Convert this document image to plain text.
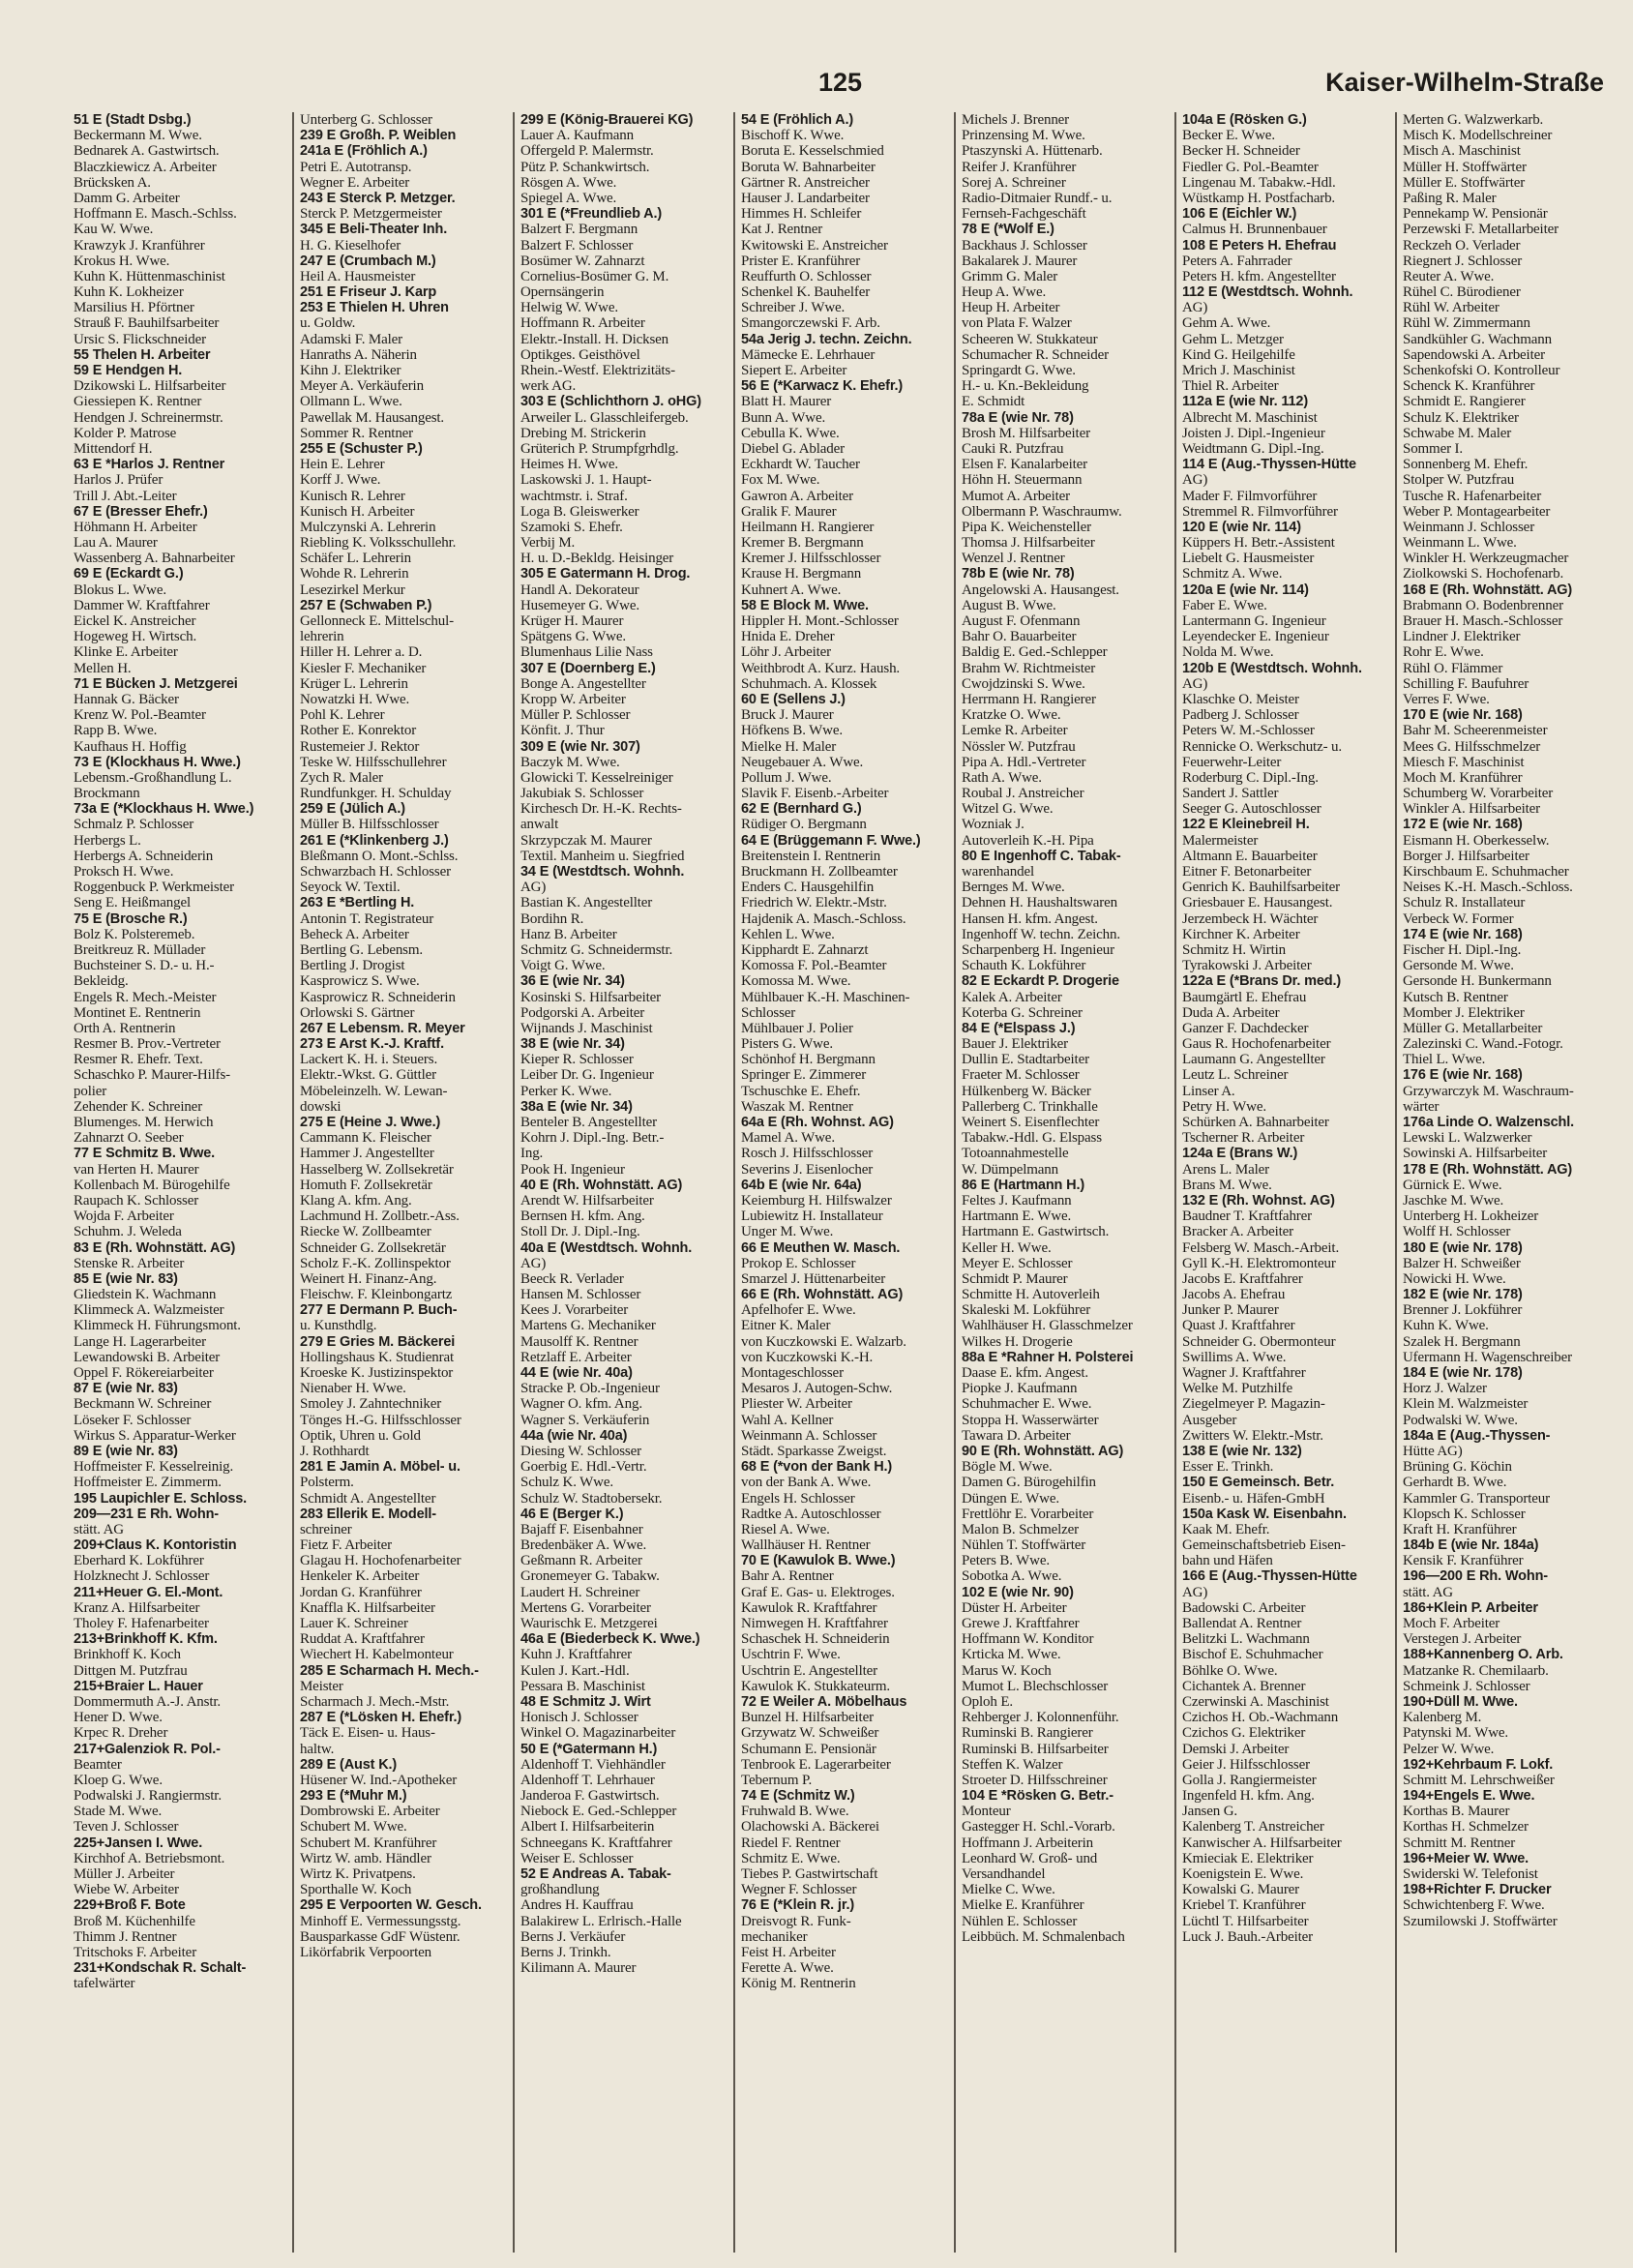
125	Kaiser-Wilhelm-Straße
51 E (Stadt Dsbg.)
Beckermann M. Wwe.
Bednarek A. Gastwirtsch.
Blaczkiewicz A. Arbeiter
Brücksken A.
Damm G. Arbeiter
Hoffmann E. Masch.-Schlss.
Kau W. Wwe.
Krawzyk J. Kranführer
Krokus H. Wwe.
Kuhn K. Hüttenmaschinist
Kuhn K. Lokheizer
Marsilius H. Pförtner
Strauß F. Bauhilfsarbeiter
Ursic S. Flickschneider
55 Thelen H. Arbeiter
59 E Hendgen H.
Dzikowski L. Hilfsarbeiter
Giessiepen K. Rentner
Hendgen J. Schreinermstr.
Kolder P. Matrose
Mittendorf H.
63 E *Harlos J. Rentner
Harlos J. Prüfer
Trill J. Abt.-Leiter
67 E (Bresser Ehefr.)
Höhmann H. Arbeiter
Lau A. Maurer
Wassenberg A. Bahnarbeiter
69 E (Eckardt G.)
Blokus L. Wwe.
Dammer W. Kraftfahrer
Eickel K. Anstreicher
Hogeweg H. Wirtsch.
Klinke E. Arbeiter
Mellen H.
71 E Bücken J. Metzgerei
Hannak G. Bäcker
Krenz W. Pol.-Beamter
Rapp B. Wwe.
Kaufhaus H. Hoffig
73 E (Klockhaus H. Wwe.)
Lebensm.-Großhandlung L.
Brockmann
73a E (*Klockhaus H. Wwe.)
Schmalz P. Schlosser
Herbergs L.
Herbergs A. Schneiderin
Proksch H. Wwe.
Roggenbuck P. Werkmeister
Seng E. Heißmangel
75 E (Brosche R.)
Bolz K. Polsteremeb.
Breitkreuz R. Müllader
Buchsteiner S. D.- u. H.-
Bekleidg.
Engels R. Mech.-Meister
Montinet E. Rentnerin
Orth A. Rentnerin
Resmer B. Prov.-Vertreter
Resmer R. Ehefr. Text.
Schaschko P. Maurer-Hilfs-
polier
Zehender K. Schreiner
Blumenges. M. Herwich
Zahnarzt O. Seeber
77 E Schmitz B. Wwe.
van Herten H. Maurer
Kollenbach M. Bürogehilfe
Raupach K. Schlosser
Wojda F. Arbeiter
Schuhm. J. Weleda
83 E (Rh. Wohnstätt. AG)
Stenske R. Arbeiter
85 E (wie Nr. 83)
Gliedstein K. Wachmann
Klimmeck A. Walzmeister
Klimmeck H. Führungsmont.
Lange H. Lagerarbeiter
Lewandowski B. Arbeiter
Oppel F. Rökereiarbeiter
87 E (wie Nr. 83)
Beckmann W. Schreiner
Löseker F. Schlosser
Wirkus S. Apparatur-Werker
89 E (wie Nr. 83)
Hoffmeister F. Kesselreinig.
Hoffmeister E. Zimmerm.
195 Laupichler E. Schloss.
209—231 E Rh. Wohn-
stätt. AG
209+Claus K. Kontoristin
Eberhard K. Lokführer
Holzknecht J. Schlosser
211+Heuer G. El.-Mont.
Kranz A. Hilfsarbeiter
Tholey F. Hafenarbeiter
213+Brinkhoff K. Kfm.
Brinkhoff K. Koch
Dittgen M. Putzfrau
215+Braier L. Hauer
Dommermuth A.-J. Anstr.
Hener D. Wwe.
Krpec R. Dreher
217+Galenziok R. Pol.-
Beamter
Kloep G. Wwe.
Podwalski J. Rangiermstr.
Stade M. Wwe.
Teven J. Schlosser
225+Jansen I. Wwe.
Kirchhof A. Betriebsmont.
Müller J. Arbeiter
Wiebe W. Arbeiter
229+Broß F. Bote
Broß M. Küchenhilfe
Thimm J. Rentner
Tritschoks F. Arbeiter
231+Kondschak R. Schalt-
tafelwärter
Unterberg G. Schlosser
239 E Großh. P. Weiblen
241a E (Fröhlich A.)
Petri E. Autotransp.
Wegner E. Arbeiter
243 E Sterck P. Metzger.
Sterck P. Metzgermeister
345 E Beli-Theater Inh.
H. G. Kieselhofer
247 E (Crumbach M.)
Heil A. Hausmeister
251 E Friseur J. Karp
253 E Thielen H. Uhren
u. Goldw.
Adamski F. Maler
Hanraths A. Näherin
Kihn J. Elektriker
Meyer A. Verkäuferin
Ollmann L. Wwe.
Pawellak M. Hausangest.
Sommer R. Rentner
255 E (Schuster P.)
Hein E. Lehrer
Korff J. Wwe.
Kunisch R. Lehrer
Kunisch H. Arbeiter
Mulczynski A. Lehrerin
Riebling K. Volksschullehr.
Schäfer L. Lehrerin
Wohde R. Lehrerin
Lesezirkel Merkur
257 E (Schwaben P.)
Gellonneck E. Mittelschul-
lehrerin
Hiller H. Lehrer a. D.
Kiesler F. Mechaniker
Krüger L. Lehrerin
Nowatzki H. Wwe.
Pohl K. Lehrer
Rother E. Konrektor
Rustemeier J. Rektor
Teske W. Hilfsschullehrer
Zych R. Maler
Rundfunkger. H. Schulday
259 E (Jülich A.)
Müller B. Hilfsschlosser
261 E (*Klinkenberg J.)
Bleßmann O. Mont.-Schlss.
Schwarzbach H. Schlosser
Seyock W. Textil.
263 E *Bertling H.
Antonin T. Registrateur
Beheck A. Arbeiter
Bertling G. Lebensm.
Bertling J. Drogist
Kasprowicz S. Wwe.
Kasprowicz R. Schneiderin
Orlowski S. Gärtner
267 E Lebensm. R. Meyer
273 E Arst K.-J. Kraftf.
Lackert K. H. i. Steuers.
Elektr.-Wkst. G. Güttler
Möbeleinzelh. W. Lewan-
dowski
275 E (Heine J. Wwe.)
Cammann K. Fleischer
Hammer J. Angestellter
Hasselberg W. Zollsekretär
Homuth F. Zollsekretär
Klang A. kfm. Ang.
Lachmund H. Zollbetr.-Ass.
Riecke W. Zollbeamter
Schneider G. Zollsekretär
Scholz F.-K. Zollinspektor
Weinert H. Finanz-Ang.
Fleischw. F. Kleinbongartz
277 E Dermann P. Buch-
u. Kunsthdlg.
279 E Gries M. Bäckerei
Hollingshaus K. Studienrat
Kroeske K. Justizinspektor
Nienaber H. Wwe.
Smoley J. Zahntechniker
Tönges H.-G. Hilfsschlosser
Optik, Uhren u. Gold
J. Rothhardt
281 E Jamin A. Möbel- u.
Polsterm.
Schmidt A. Angestellter
283 Ellerik E. Modell-
schreiner
Fietz F. Arbeiter
Glagau H. Hochofenarbeiter
Henkeler K. Arbeiter
Jordan G. Kranführer
Knaffla K. Hilfsarbeiter
Lauer K. Schreiner
Ruddat A. Kraftfahrer
Wiechert H. Kabelmonteur
285 E Scharmach H. Mech.-
Meister
Scharmach J. Mech.-Mstr.
287 E (*Lösken H. Ehefr.)
Täck E. Eisen- u. Haus-
haltw.
289 E (Aust K.)
Hüsener W. Ind.-Apotheker
293 E (*Muhr M.)
Dombrowski E. Arbeiter
Schubert M. Wwe.
Schubert M. Kranführer
Wirtz W. amb. Händler
Wirtz K. Privatpens.
Sporthalle W. Koch
295 E Verpoorten W. Gesch.
Minhoff E. Vermessungsstg.
Bausparkasse GdF Wüstenr.
Likörfabrik Verpoorten
299 E (König-Brauerei KG)
Lauer A. Kaufmann
Offergeld P. Malermstr.
Pütz P. Schankwirtsch.
Rösgen A. Wwe.
Spiegel A. Wwe.
301 E (*Freundlieb A.)
Balzert F. Bergmann
Balzert F. Schlosser
Bosümer W. Zahnarzt
Cornelius-Bosümer G. M.
Opernsängerin
Helwig W. Wwe.
Hoffmann R. Arbeiter
Elektr.-Install. H. Dicksen
Optikges. Geisthövel
Rhein.-Westf. Elektrizitäts-
werk AG.
303 E (Schlichthorn J. oHG)
Arweiler L. Glasschleifergeb.
Drebing M. Strickerin
Grüterich P. Strumpfgrhdlg.
Heimes H. Wwe.
Laskowski J. 1. Haupt-
wachtmstr. i. Straf.
Loga B. Gleiswerker
Szamoki S. Ehefr.
Verbij M.
H. u. D.-Bekldg. Heisinger
305 E Gatermann H. Drog.
Handl A. Dekorateur
Husemeyer G. Wwe.
Krüger H. Maurer
Spätgens G. Wwe.
Blumenhaus Lilie Nass
307 E (Doernberg E.)
Bonge A. Angestellter
Kropp W. Arbeiter
Müller P. Schlosser
Könfit. J. Thur
309 E (wie Nr. 307)
Baczyk M. Wwe.
Glowicki T. Kesselreiniger
Jakubiak S. Schlosser
Kirchesch Dr. H.-K. Rechts-
anwalt
Skrzypczak M. Maurer
Textil. Manheim u. Siegfried
34 E (Westdtsch. Wohnh.
AG)
Bastian K. Angestellter
Bordihn R.
Hanz B. Arbeiter
Schmitz G. Schneidermstr.
Voigt G. Wwe.
36 E (wie Nr. 34)
Kosinski S. Hilfsarbeiter
Podgorski A. Arbeiter
Wijnands J. Maschinist
38 E (wie Nr. 34)
Kieper R. Schlosser
Leiber Dr. G. Ingenieur
Perker K. Wwe.
38a E (wie Nr. 34)
Benteler B. Angestellter
Kohrn J. Dipl.-Ing. Betr.-
Ing.
Pook H. Ingenieur
40 E (Rh. Wohnstätt. AG)
Arendt W. Hilfsarbeiter
Bernsen H. kfm. Ang.
Stoll Dr. J. Dipl.-Ing.
40a E (Westdtsch. Wohnh.
AG)
Beeck R. Verlader
Hansen M. Schlosser
Kees J. Vorarbeiter
Martens G. Mechaniker
Mausolff K. Rentner
Retzlaff E. Arbeiter
44 E (wie Nr. 40a)
Stracke P. Ob.-Ingenieur
Wagner O. kfm. Ang.
Wagner S. Verkäuferin
44a (wie Nr. 40a)
Diesing W. Schlosser
Goerbig E. Hdl.-Vertr.
Schulz K. Wwe.
Schulz W. Stadtobersekr.
46 E (Berger K.)
Bajaff F. Eisenbahner
Bredenbäker A. Wwe.
Geßmann R. Arbeiter
Gronemeyer G. Tabakw.
Laudert H. Schreiner
Mertens G. Vorarbeiter
Waurischk E. Metzgerei
46a E (Biederbeck K. Wwe.)
Kuhn J. Kraftfahrer
Kulen J. Kart.-Hdl.
Pessara B. Maschinist
48 E Schmitz J. Wirt
Honisch J. Schlosser
Winkel O. Magazinarbeiter
50 E (*Gatermann H.)
Aldenhoff T. Viehhändler
Aldenhoff T. Lehrhauer
Janderoa F. Gastwirtsch.
Niebock E. Ged.-Schlepper
Albert I. Hilfsarbeiterin
Schneegans K. Kraftfahrer
Weiser E. Schlosser
52 E Andreas A. Tabak-
großhandlung
Andres H. Kauffrau
Balakirew L. Erlrisch.-Halle
Berns J. Verkäufer
Berns J. Trinkh.
Kilimann A. Maurer
54 E (Fröhlich A.)
Bischoff K. Wwe.
Boruta E. Kesselschmied
Boruta W. Bahnarbeiter
Gärtner R. Anstreicher
Hauser J. Landarbeiter
Himmes H. Schleifer
Kat J. Rentner
Kwitowski E. Anstreicher
Prister E. Kranführer
Reuffurth O. Schlosser
Schenkel K. Bauhelfer
Schreiber J. Wwe.
Smangorczewski F. Arb.
54a Jerig J. techn. Zeichn.
Mämecke E. Lehrhauer
Siepert E. Arbeiter
56 E (*Karwacz K. Ehefr.)
Blatt H. Maurer
Bunn A. Wwe.
Cebulla K. Wwe.
Diebel G. Ablader
Eckhardt W. Taucher
Fox M. Wwe.
Gawron A. Arbeiter
Gralik F. Maurer
Heilmann H. Rangierer
Kremer B. Bergmann
Kremer J. Hilfsschlosser
Krause H. Bergmann
Kuhnert A. Wwe.
58 E Block M. Wwe.
Hippler H. Mont.-Schlosser
Hnida E. Dreher
Löhr J. Arbeiter
Weithbrodt A. Kurz. Haush.
Schuhmach. A. Klossek
60 E (Sellens J.)
Bruck J. Maurer
Höfkens B. Wwe.
Mielke H. Maler
Neugebauer A. Wwe.
Pollum J. Wwe.
Slavik F. Eisenb.-Arbeiter
62 E (Bernhard G.)
Rüdiger O. Bergmann
64 E (Brüggemann F. Wwe.)
Breitenstein I. Rentnerin
Bruckmann H. Zollbeamter
Enders C. Hausgehilfin
Friedrich W. Elektr.-Mstr.
Hajdenik A. Masch.-Schloss.
Kehlen L. Wwe.
Kipphardt E. Zahnarzt
Komossa F. Pol.-Beamter
Komossa M. Wwe.
Mühlbauer K.-H. Maschinen-
Schlosser
Mühlbauer J. Polier
Pisters G. Wwe.
Schönhof H. Bergmann
Springer E. Zimmerer
Tschuschke E. Ehefr.
Waszak M. Rentner
64a E (Rh. Wohnst. AG)
Mamel A. Wwe.
Rosch J. Hilfsschlosser
Severins J. Eisenlocher
64b E (wie Nr. 64a)
Keiemburg H. Hilfswalzer
Lubiewitz H. Installateur
Unger M. Wwe.
66 E Meuthen W. Masch.
Prokop E. Schlosser
Smarzel J. Hüttenarbeiter
66 E (Rh. Wohnstätt. AG)
Apfelhofer E. Wwe.
Eitner K. Maler
von Kuczkowski E. Walzarb.
von Kuczkowski K.-H.
Montageschlosser
Mesaros J. Autogen-Schw.
Pliester W. Arbeiter
Wahl A. Kellner
Weinmann A. Schlosser
Städt. Sparkasse Zweigst.
68 E (*von der Bank H.)
von der Bank A. Wwe.
Engels H. Schlosser
Radtke A. Autoschlosser
Riesel A. Wwe.
Wallhäuser H. Rentner
70 E (Kawulok B. Wwe.)
Bahr A. Rentner
Graf E. Gas- u. Elektroges.
Kawulok R. Kraftfahrer
Nimwegen H. Kraftfahrer
Schaschek H. Schneiderin
Uschtrin F. Wwe.
Uschtrin E. Angestellter
Kawulok K. Stukkateurm.
72 E Weiler A. Möbelhaus
Bunzel H. Hilfsarbeiter
Grzywatz W. Schweißer
Schumann E. Pensionär
Tenbrook E. Lagerarbeiter
Tebernum P.
74 E (Schmitz W.)
Fruhwald B. Wwe.
Olachowski A. Bäckerei
Riedel F. Rentner
Schmitz E. Wwe.
Tiebes P. Gastwirtschaft
Wegner F. Schlosser
76 E (*Klein R. jr.)
Dreisvogt R. Funk-
mechaniker
Feist H. Arbeiter
Ferette A. Wwe.
König M. Rentnerin
Michels J. Brenner
Prinzensing M. Wwe.
Ptaszynski A. Hüttenarb.
Reifer J. Kranführer
Sorej A. Schreiner
Radio-Ditmaier Rundf.- u.
Fernseh-Fachgeschäft
78 E (*Wolf E.)
Backhaus J. Schlosser
Bakalarek J. Maurer
Grimm G. Maler
Heup A. Wwe.
Heup H. Arbeiter
von Plata F. Walzer
Scheeren W. Stukkateur
Schumacher R. Schneider
Springardt G. Wwe.
H.- u. Kn.-Bekleidung
E. Schmidt
78a E (wie Nr. 78)
Brosh M. Hilfsarbeiter
Cauki R. Putzfrau
Elsen F. Kanalarbeiter
Höhn H. Steuermann
Mumot A. Arbeiter
Olbermann P. Waschraumw.
Pipa K. Weichensteller
Thomsa J. Hilfsarbeiter
Wenzel J. Rentner
78b E (wie Nr. 78)
Angelowski A. Hausangest.
August B. Wwe.
August F. Ofenmann
Bahr O. Bauarbeiter
Baldig E. Ged.-Schlepper
Brahm W. Richtmeister
Cwojdzinski S. Wwe.
Herrmann H. Rangierer
Kratzke O. Wwe.
Lemke R. Arbeiter
Nössler W. Putzfrau
Pipa A. Hdl.-Vertreter
Rath A. Wwe.
Roubal J. Anstreicher
Witzel G. Wwe.
Wozniak J.
Autoverleih K.-H. Pipa
80 E Ingenhoff C. Tabak-
warenhandel
Bernges M. Wwe.
Dehnen H. Haushaltswaren
Hansen H. kfm. Angest.
Ingenhoff W. techn. Zeichn.
Scharpenberg H. Ingenieur
Schauth K. Lokführer
82 E Eckardt P. Drogerie
Kalek A. Arbeiter
Koterba G. Schreiner
84 E (*Elspass J.)
Bauer J. Elektriker
Dullin E. Stadtarbeiter
Fraeter M. Schlosser
Hülkenberg W. Bäcker
Pallerberg C. Trinkhalle
Weinert S. Eisenflechter
Tabakw.-Hdl. G. Elspass
Totoannahmestelle
W. Dümpelmann
86 E (Hartmann H.)
Feltes J. Kaufmann
Hartmann E. Wwe.
Hartmann E. Gastwirtsch.
Keller H. Wwe.
Meyer E. Schlosser
Schmidt P. Maurer
Schmitte H. Autoverleih
Skaleski M. Lokführer
Wahlhäuser H. Glasschmelzer
Wilkes H. Drogerie
88a E *Rahner H. Polsterei
Daase E. kfm. Angest.
Piopke J. Kaufmann
Schuhmacher E. Wwe.
Stoppa H. Wasserwärter
Tawara D. Arbeiter
90 E (Rh. Wohnstätt. AG)
Bögle M. Wwe.
Damen G. Bürogehilfin
Düngen E. Wwe.
Frettlöhr E. Vorarbeiter
Malon B. Schmelzer
Nühlen T. Stoffwärter
Peters B. Wwe.
Sobotka A. Wwe.
102 E (wie Nr. 90)
Düster H. Arbeiter
Grewe J. Kraftfahrer
Hoffmann W. Konditor
Krticka M. Wwe.
Marus W. Koch
Mumot L. Blechschlosser
Oploh E.
Rehberger J. Kolonnenführ.
Ruminski B. Rangierer
Ruminski B. Hilfsarbeiter
Steffen K. Walzer
Stroeter D. Hilfsschreiner
104 E *Rösken G. Betr.-
Monteur
Gastegger H. Schl.-Vorarb.
Hoffmann J. Arbeiterin
Leonhard W. Groß- und
Versandhandel
Mielke C. Wwe.
Mielke E. Kranführer
Nühlen E. Schlosser
Leibbüch. M. Schmalenbach
104a E (Rösken G.)
Becker E. Wwe.
Becker H. Schneider
Fiedler G. Pol.-Beamter
Lingenau M. Tabakw.-Hdl.
Wüstkamp H. Postfacharb.
106 E (Eichler W.)
Calmus H. Brunnenbauer
108 E Peters H. Ehefrau
Peters A. Fahrrader
Peters H. kfm. Angestellter
112 E (Westdtsch. Wohnh.
AG)
Gehm A. Wwe.
Gehm L. Metzger
Kind G. Heilgehilfe
Mrich J. Maschinist
Thiel R. Arbeiter
112a E (wie Nr. 112)
Albrecht M. Maschinist
Joisten J. Dipl.-Ingenieur
Weidtmann G. Dipl.-Ing.
114 E (Aug.-Thyssen-Hütte
AG)
Mader F. Filmvorführer
Stremmel R. Filmvorführer
120 E (wie Nr. 114)
Küppers H. Betr.-Assistent
Liebelt G. Hausmeister
Schmitz A. Wwe.
120a E (wie Nr. 114)
Faber E. Wwe.
Lantermann G. Ingenieur
Leyendecker E. Ingenieur
Nolda M. Wwe.
120b E (Westdtsch. Wohnh.
AG)
Klaschke O. Meister
Padberg J. Schlosser
Peters W. M.-Schlosser
Rennicke O. Werkschutz- u.
Feuerwehr-Leiter
Roderburg C. Dipl.-Ing.
Sandert J. Sattler
Seeger G. Autoschlosser
122 E Kleinebreil H.
Malermeister
Altmann E. Bauarbeiter
Eitner F. Betonarbeiter
Genrich K. Bauhilfsarbeiter
Griesbauer E. Hausangest.
Jerzembeck H. Wächter
Kirchner K. Arbeiter
Schmitz H. Wirtin
Tyrakowski J. Arbeiter
122a E (*Brans Dr. med.)
Baumgärtl E. Ehefrau
Duda A. Arbeiter
Ganzer F. Dachdecker
Gaus R. Hochofenarbeiter
Laumann G. Angestellter
Leutz L. Schreiner
Linser A.
Petry H. Wwe.
Schürken A. Bahnarbeiter
Tscherner R. Arbeiter
124a E (Brans W.)
Arens L. Maler
Brans M. Wwe.
132 E (Rh. Wohnst. AG)
Baudner T. Kraftfahrer
Bracker A. Arbeiter
Felsberg W. Masch.-Arbeit.
Gyll K.-H. Elektromonteur
Jacobs E. Kraftfahrer
Jacobs A. Ehefrau
Junker P. Maurer
Quast J. Kraftfahrer
Schneider G. Obermonteur
Swillims A. Wwe.
Wagner J. Kraftfahrer
Welke M. Putzhilfe
Ziegelmeyer P. Magazin-
Ausgeber
Zwitters W. Elektr.-Mstr.
138 E (wie Nr. 132)
Esser E. Trinkh.
150 E Gemeinsch. Betr.
Eisenb.- u. Häfen-GmbH
150a Kask W. Eisenbahn.
Kaak M. Ehefr.
Gemeinschaftsbetrieb Eisen-
bahn und Häfen
166 E (Aug.-Thyssen-Hütte
AG)
Badowski C. Arbeiter
Ballendat A. Rentner
Belitzki L. Wachmann
Bischof E. Schuhmacher
Böhlke O. Wwe.
Cichantek A. Brenner
Czerwinski A. Maschinist
Czichos H. Ob.-Wachmann
Czichos G. Elektriker
Demski J. Arbeiter
Geier J. Hilfsschlosser
Golla J. Rangiermeister
Ingenfeld H. kfm. Ang.
Jansen G.
Kalenberg T. Anstreicher
Kanwischer A. Hilfsarbeiter
Kmieciak E. Elektriker
Koenigstein E. Wwe.
Kowalski G. Maurer
Kriebel T. Kranführer
Lüchtl T. Hilfsarbeiter
Luck J. Bauh.-Arbeiter
Merten G. Walzwerkarb.
Misch K. Modellschreiner
Misch A. Maschinist
Müller H. Stoffwärter
Müller E. Stoffwärter
Paßing R. Maler
Pennekamp W. Pensionär
Perzewski F. Metallarbeiter
Reckzeh O. Verlader
Riegnert J. Schlosser
Reuter A. Wwe.
Rühel C. Bürodiener
Rühl W. Arbeiter
Rühl W. Zimmermann
Sandkühler G. Wachmann
Sapendowski A. Arbeiter
Schenkofski O. Kontrolleur
Schenck K. Kranführer
Schmidt E. Rangierer
Schulz K. Elektriker
Schwabe M. Maler
Sommer I.
Sonnenberg M. Ehefr.
Stolper W. Putzfrau
Tusche R. Hafenarbeiter
Weber P. Montagearbeiter
Weinmann J. Schlosser
Weinmann L. Wwe.
Winkler H. Werkzeugmacher
Ziolkowski S. Hochofenarb.
168 E (Rh. Wohnstätt. AG)
Brabmann O. Bodenbrenner
Brauer H. Masch.-Schlosser
Lindner J. Elektriker
Rohr E. Wwe.
Rühl O. Flämmer
Schilling F. Baufuhrer
Verres F. Wwe.
170 E (wie Nr. 168)
Bahr M. Scheerenmeister
Mees G. Hilfsschmelzer
Miesch F. Maschinist
Moch M. Kranführer
Schumberg W. Vorarbeiter
Winkler A. Hilfsarbeiter
172 E (wie Nr. 168)
Eismann H. Oberkesselw.
Borger J. Hilfsarbeiter
Kirschbaum E. Schuhmacher
Neises K.-H. Masch.-Schloss.
Schulz R. Installateur
Verbeck W. Former
174 E (wie Nr. 168)
Fischer H. Dipl.-Ing.
Gersonde M. Wwe.
Gersonde H. Bunkermann
Kutsch B. Rentner
Momber J. Elektriker
Müller G. Metallarbeiter
Zalezinski C. Wand.-Fotogr.
Thiel L. Wwe.
176 E (wie Nr. 168)
Grzywarczyk M. Waschraum-
wärter
176a Linde O. Walzenschl.
Lewski L. Walzwerker
Sowinski A. Hilfsarbeiter
178 E (Rh. Wohnstätt. AG)
Gürnick E. Wwe.
Jaschke M. Wwe.
Unterberg H. Lokheizer
Wolff H. Schlosser
180 E (wie Nr. 178)
Balzer H. Schweißer
Nowicki H. Wwe.
182 E (wie Nr. 178)
Brenner J. Lokführer
Kuhn K. Wwe.
Szalek H. Bergmann
Ufermann H. Wagenschreiber
184 E (wie Nr. 178)
Horz J. Walzer
Klein M. Walzmeister
Podwalski W. Wwe.
184a E (Aug.-Thyssen-
Hütte AG)
Brüning G. Köchin
Gerhardt B. Wwe.
Kammler G. Transporteur
Klopsch K. Schlosser
Kraft H. Kranführer
184b E (wie Nr. 184a)
Kensik F. Kranführer
196—200 E Rh. Wohn-
stätt. AG
186+Klein P. Arbeiter
Moch F. Arbeiter
Verstegen J. Arbeiter
188+Kannenberg O. Arb.
Matzanke R. Chemilaarb.
Schmeink J. Schlosser
190+Düll M. Wwe.
Kalenberg M.
Patynski M. Wwe.
Pelzer W. Wwe.
192+Kehrbaum F. Lokf.
Schmitt M. Lehrschweißer
194+Engels E. Wwe.
Korthas B. Maurer
Korthas H. Schmelzer
Schmitt M. Rentner
196+Meier W. Wwe.
Swiderski W. Telefonist
198+Richter F. Drucker
Schwichtenberg F. Wwe.
Szumilowski J. Stoffwärter
